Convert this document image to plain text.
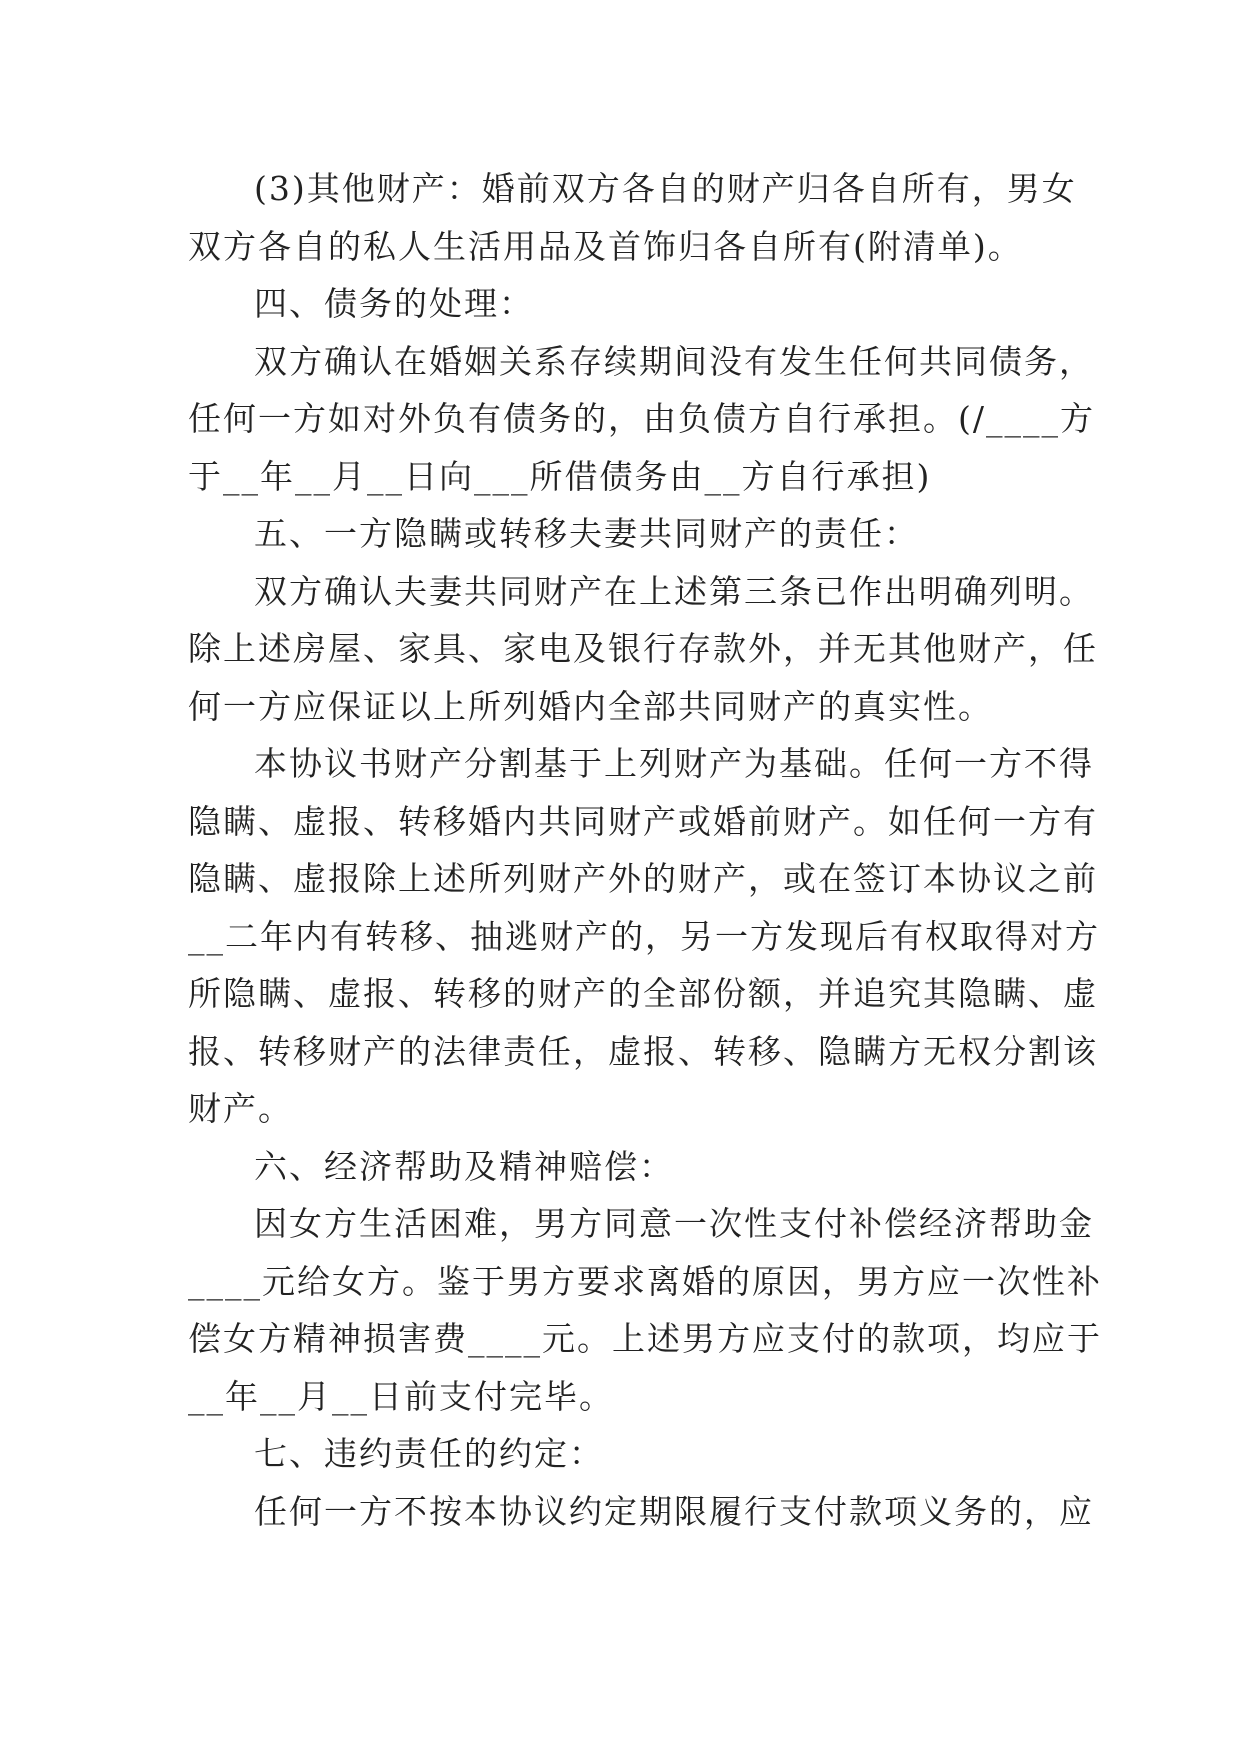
(3)其他财产：婚前双方各自的财产归各自所有，男女
双方各自的私人生活用品及首饰归各自所有(附清单)。
四、债务的处理：
双方确认在婚姻关系存续期间没有发生任何共同债务，
任何一方如对外负有债务的，由负债方自行承担。(/____方
于__年__月__日向___所借债务由__方自行承担)
五、一方隐瞒或转移夫妻共同财产的责任：
双方确认夫妻共同财产在上述第三条已作出明确列明。
除上述房屋、家具、家电及银行存款外，并无其他财产，任
何一方应保证以上所列婚内全部共同财产的真实性。
本协议书财产分割基于上列财产为基础。任何一方不得
隐瞒、虚报、转移婚内共同财产或婚前财产。如任何一方有
隐瞒、虚报除上述所列财产外的财产，或在签订本协议之前
__二年内有转移、抽逃财产的，另一方发现后有权取得对方
所隐瞒、虚报、转移的财产的全部份额，并追究其隐瞒、虚
报、转移财产的法律责任，虚报、转移、隐瞒方无权分割该
财产。
六、经济帮助及精神赔偿：
因女方生活困难，男方同意一次性支付补偿经济帮助金
____元给女方。鉴于男方要求离婚的原因，男方应一次性补
偿女方精神损害费____元。上述男方应支付的款项，均应于
__年__月__日前支付完毕。
七、违约责任的约定：
任何一方不按本协议约定期限履行支付款项义务的，应
